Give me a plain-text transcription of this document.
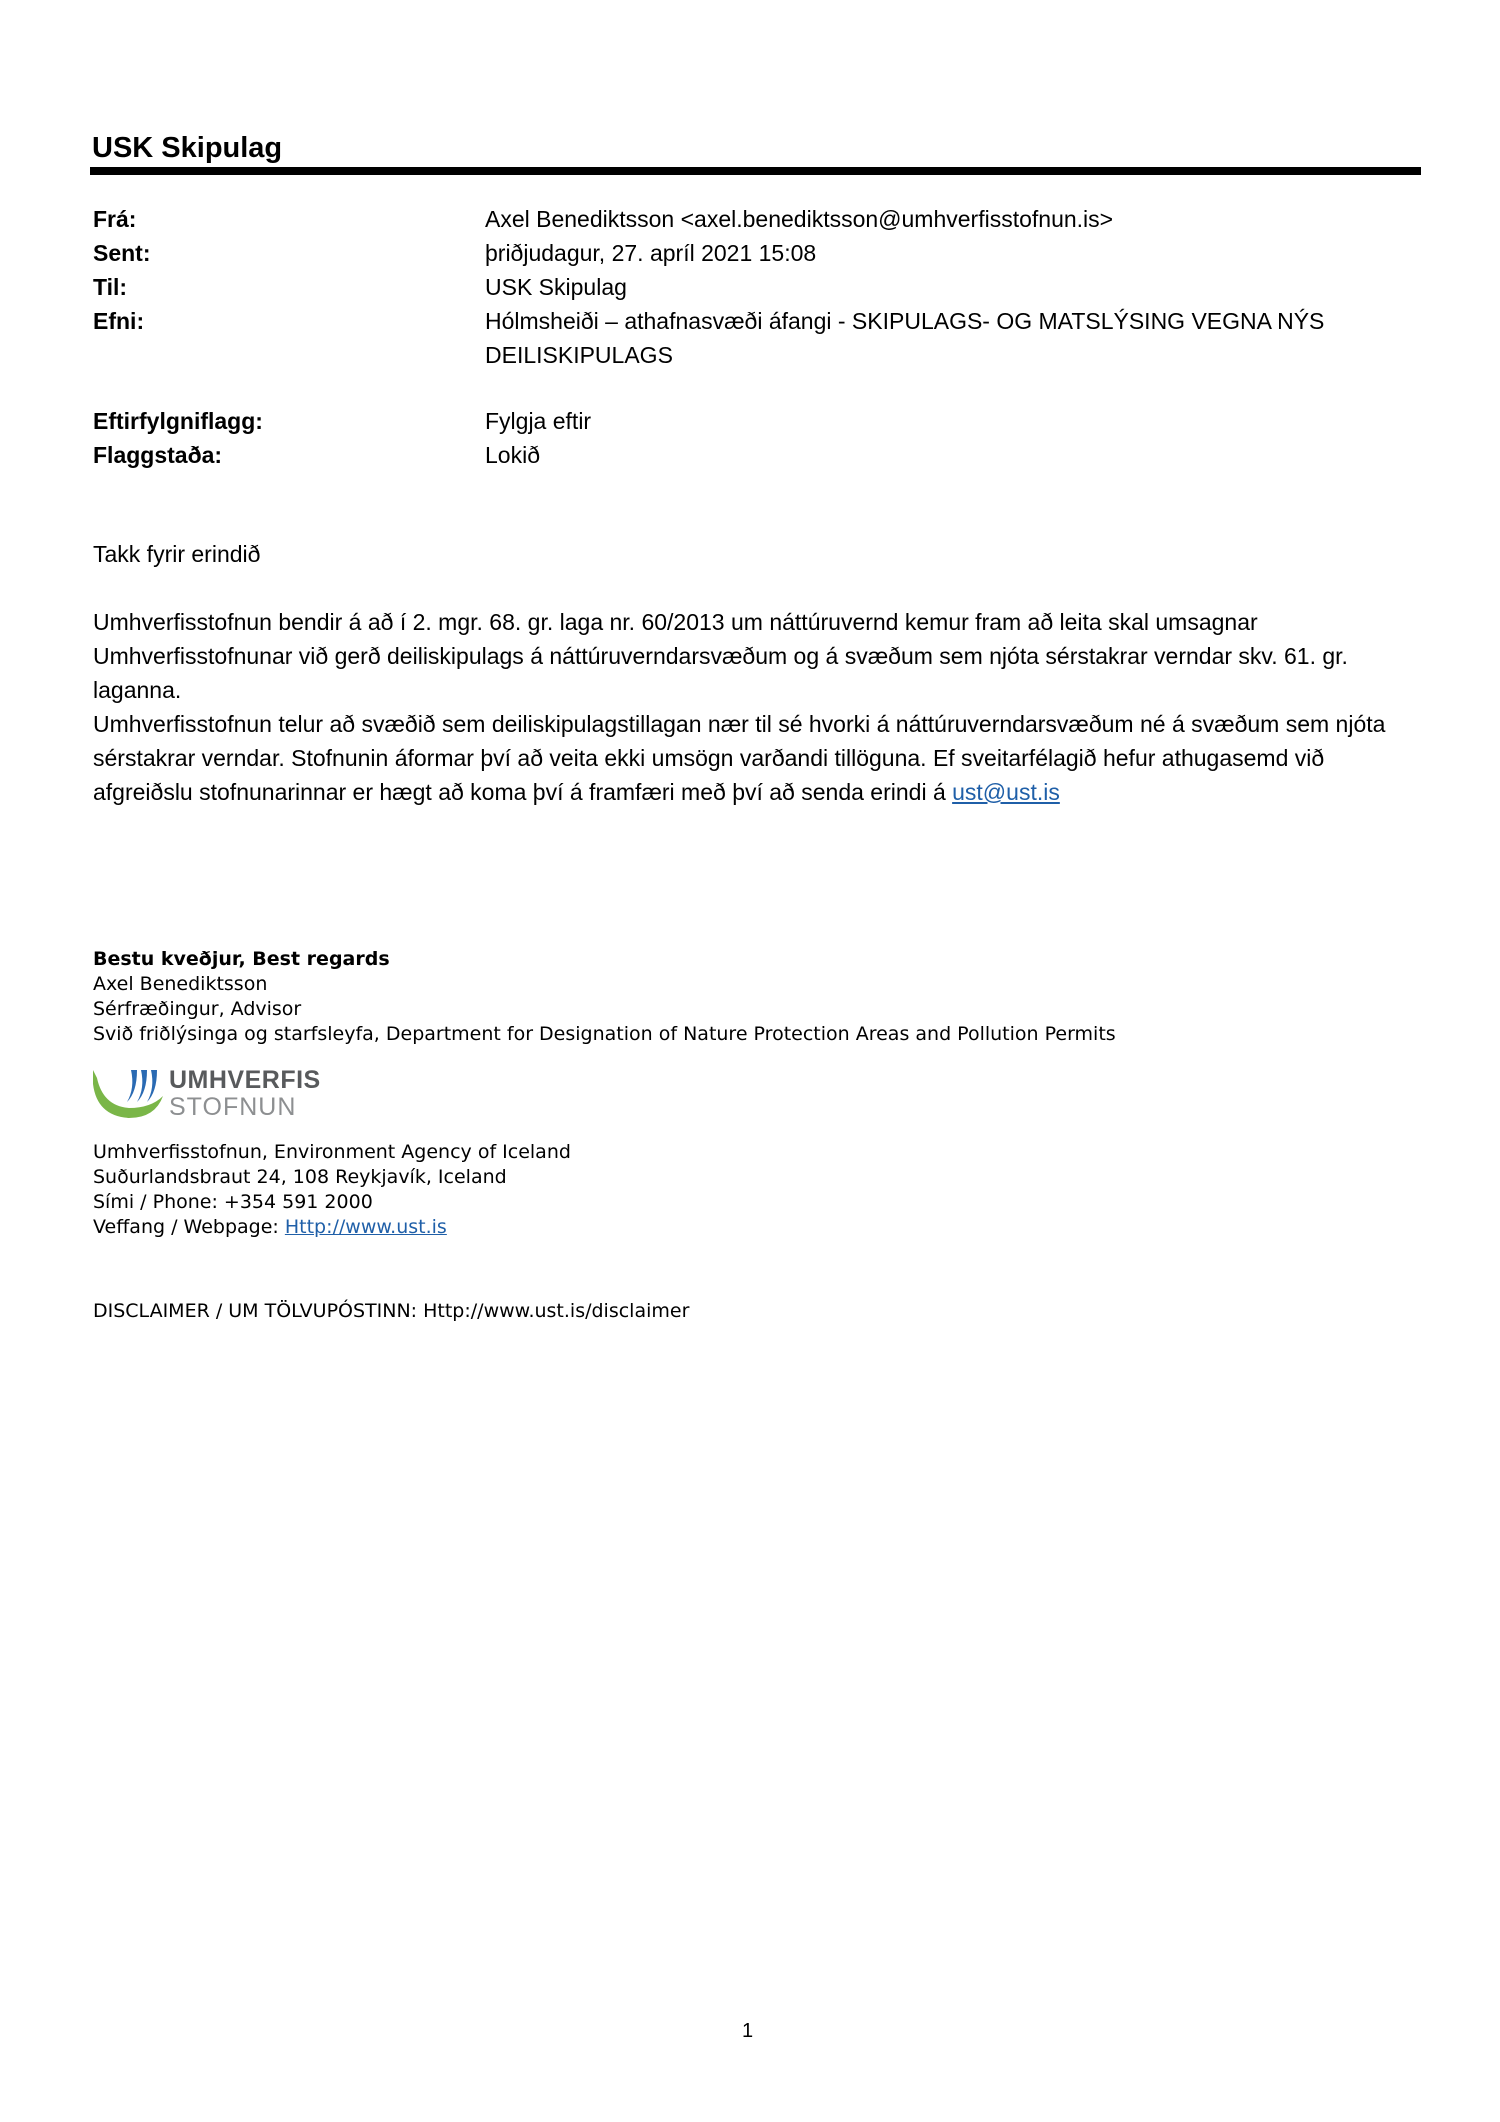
USK Skipulag
Frá:	Axel Benediktsson <axel.benediktsson@umhverfisstofnun.is>
Sent:	þriðjudagur, 27. apríl 2021 15:08
Til:	USK Skipulag
Efni:	Hólmsheiði – athafnasvæði áfangi - SKIPULAGS- OG MATSLÝSING VEGNA NÝS DEILISKIPULAGS
Eftirfylgniflagg:	Fylgja eftir
Flaggstaða:	Lokið
Takk fyrir erindið

Umhverfisstofnun bendir á að í 2. mgr. 68. gr. laga nr. 60/2013 um náttúruvernd kemur fram að leita skal umsagnar Umhverfisstofnunar við gerð deiliskipulags á náttúruverndarsvæðum og á svæðum sem njóta sérstakrar verndar skv. 61. gr. laganna.

Umhverfisstofnun telur að svæðið sem deiliskipulagstillagan nær til sé hvorki á náttúruverndarsvæðum né á svæðum sem njóta sérstakrar verndar. Stofnunin áformar því að veita ekki umsögn varðandi tillöguna. Ef sveitarfélagið hefur athugasemd við afgreiðslu stofnunarinnar er hægt að koma því á framfæri með því að senda erindi á ust@ust.is

Bestu kveðjur, Best regards
Axel Benediktsson
Sérfræðingur, Advisor
Svið friðlýsinga og starfsleyfa, Department for Designation of Nature Protection Areas and Pollution Permits
UMHVERFIS
STOFNUN
Umhverfisstofnun, Environment Agency of Iceland
Suðurlandsbraut 24, 108 Reykjavík, Iceland
Sími / Phone: +354 591 2000
Veffang / Webpage: Http://www.ust.is
DISCLAIMER / UM TÖLVUPÓSTINN: Http://www.ust.is/disclaimer
1
